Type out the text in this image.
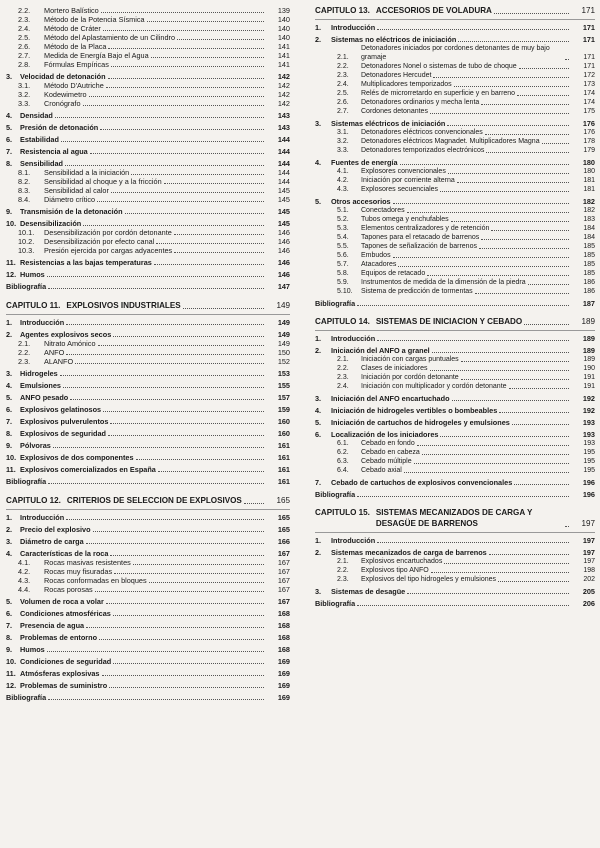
2.2.	Mortero Balístico	139
2.3.	Método de la Potencia Sísmica	140
2.4.	Método de Cráter	140
2.5.	Método del Aplastamiento de un Cilindro	140
2.6.	Método de la Placa	141
2.7.	Medida de Energía Bajo el Agua	141
2.8.	Fórmulas Empíricas	141
3.	Velocidad de detonación	142
3.1.	Método D'Autriche	142
3.2.	Kodewimetro	142
3.3.	Cronógrafo	142
4.	Densidad	143
5.	Presión de detonación	143
6.	Estabilidad	144
7.	Resistencia al agua	144
8.	Sensibilidad	144
8.1.	Sensibilidad a la iniciación	144
8.2.	Sensibilidad al choque y a la fricción	144
8.3.	Sensibilidad al calor	145
8.4.	Diámetro crítico	145
9.	Transmisión de la detonación	145
10. Desensibilización	145
10.1.	Desensibilización por cordón detonante	146
10.2.	Desensibilización por efecto canal	146
10.3.	Presión ejercida por cargas adyacentes	146
11. Resistencias a las bajas temperaturas	146
12. Humos	146
Bibliografía	147
CAPITULO 11. EXPLOSIVOS INDUSTRIALES	149
1.	Introducción	149
2.	Agentes explosivos secos	149
2.1.	Nitrato Amónico	149
2.2.	ANFO	150
2.3.	ALANFO	152
3.	Hidrogeles	153
4.	Emulsiones	155
5.	ANFO pesado	157
6.	Explosivos gelatinosos	159
7.	Explosivos pulverulentos	160
8.	Explosivos de seguridad	160
9.	Pólvoras	161
10. Explosivos de dos componentes	161
11. Explosivos comercializados en España	161
Bibliografía	161
CAPITULO 12. CRITERIOS DE SELECCION DE EXPLOSIVOS	165
1.	Introducción	165
2.	Precio del explosivo	165
3.	Diámetro de carga	166
4.	Características de la roca	167
4.1.	Rocas masivas resistentes	167
4.2.	Rocas muy fisuradas	167
4.3.	Rocas conformadas en bloques	167
4.4.	Rocas porosas	167
5.	Volumen de roca a volar	167
6.	Condiciones atmosféricas	168
7.	Presencia de agua	168
8.	Problemas de entorno	168
9.	Humos	168
10. Condiciones de seguridad	169
11. Atmósferas explosivas	169
12. Problemas de suministro	169
Bibliografía	169
CAPITULO 13. ACCESORIOS DE VOLADURA	171
1.	Introducción	171
2.	Sistemas no eléctricos de iniciación	171
2.1.
Detonadores iniciados por cordones detonantes de muy bajo gramaje	171
2.2.	Detonadores Nonel o sistemas de tubo de choque	171
2.3.	Detonadores Hercudet	172
2.4.	Multiplicadores temporizados	173
2.5.	Relés de microrretardo en superficie y en barreno	174
2.6.	Detonadores ordinarios y mecha lenta	174
2.7.	Cordones detonantes	175
3.	Sistemas eléctricos de iniciación	176
3.1.	Detonadores eléctricos convencionales	176
3.2.	Detonadores eléctricos Magnadet. Multiplicadores Magna	178
3.3.	Detonadores temporizados electrónicos	179
4.	Fuentes de energía	180
4.1.	Explosores convencionales	180
4.2.	Iniciación por corriente alterna	181
4.3.	Explosores secuenciales	181
5.	Otros accesorios	182
5.1.	Conectadores	182
5.2.	Tubos omega y enchufables	183
5.3.	Elementos centralizadores y de retención	184
5.4.	Tapones para el retacado de barrenos	184
5.5.	Tapones de señalización de barrenos	185
5.6.	Embudos	185
5.7.	Atacadores	185
5.8.	Equipos de retacado	185
5.9.	Instrumentos de medida de la dimensión de la piedra	186
5.10.	Sistema de predicción de tormentas	186
Bibliografía	187
CAPITULO 14. SISTEMAS DE INICIACION Y CEBADO	189
1.	Introducción	189
2.	Iniciación del ANFO a granel	189
2.1.	Iniciación con cargas puntuales	189
2.2.	Clases de iniciadores	190
2.3.	Iniciación por cordón detonante	191
2.4.	Iniciación con multiplicador y cordón detonante	191
3.	Iniciación del ANFO encartuchado	192
4.	Iniciación de hidrogeles vertibles o bombeables	192
5.	Iniciación de cartuchos de hidrogeles y emulsiones	193
6.	Localización de los iniciadores	193
6.1.	Cebado en fondo	193
6.2.	Cebado en cabeza	195
6.3.	Cebado múltiple	195
6.4.	Cebado axial	195
7.	Cebado de cartuchos de explosivos convencionales	196
Bibliografía	196
CAPITULO 15. SISTEMAS MECANIZADOS DE CARGA Y DESAGÜE DE BARRENOS	197
1.	Introducción	197
2.	Sistemas mecanizados de carga de barrenos	197
2.1.	Explosivos encartuchados	197
2.2.	Explosivos tipo ANFO	198
2.3.	Explosivos del tipo hidrogeles y emulsiones	202
3.	Sistemas de desagüe	205
Bibliografía	206
